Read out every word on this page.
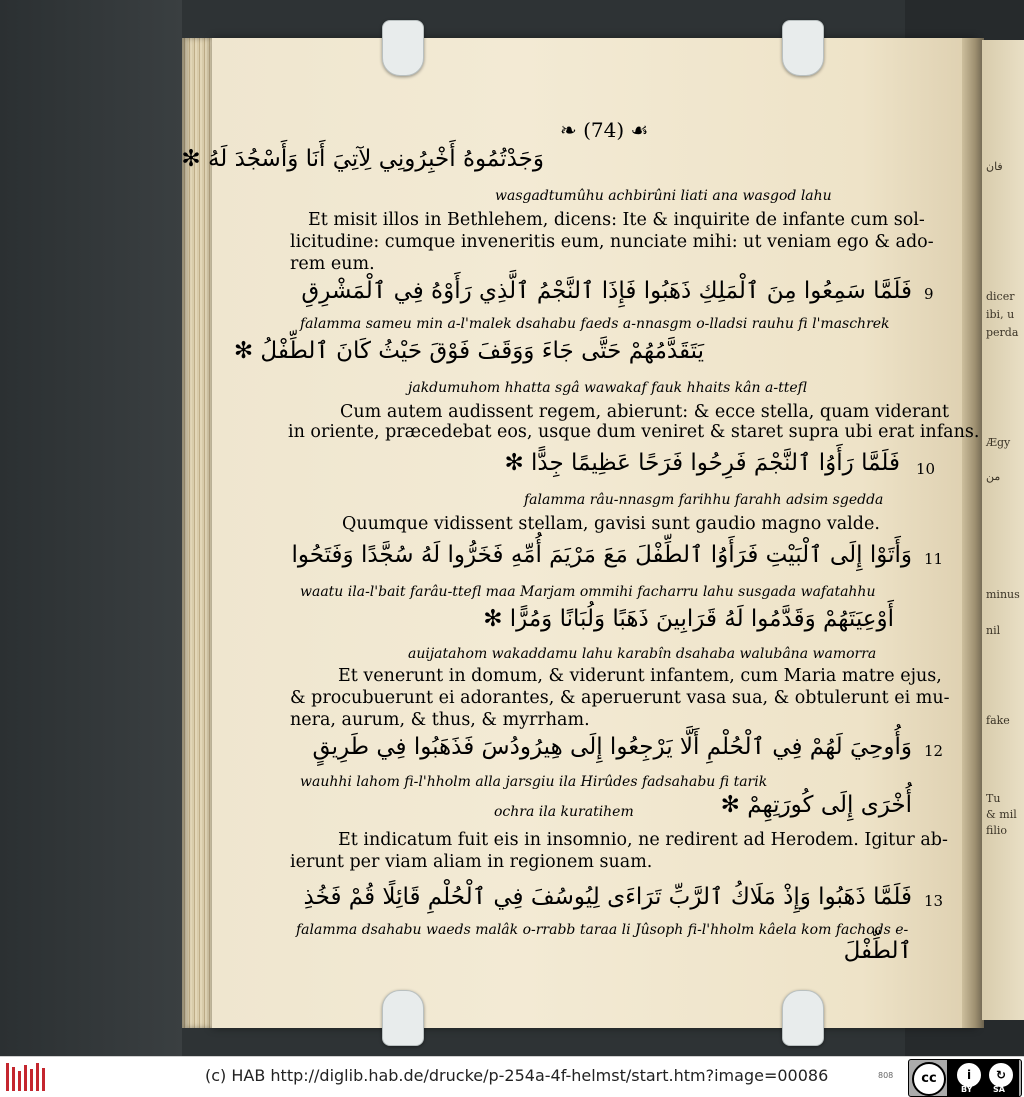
فان
dicer
ibi, u
perda
Ægy
من
minus
nil
fake
Tu
& mil
filio
❧ (74) ☙
وَجَدْتُمُوهُ أَخْبِرُونِي لِآتِيَ أَنَا وَأَسْجُدَ لَهُ ✻
wasgadtumûhu achbirûni liati ana wasgod lahu
Et misit illos in Bethlehem, dicens: Ite & inquirite de infante cum sol-
licitudine: cumque inveneritis eum, nunciate mihi: ut veniam ego & ado-
rem eum.
9
فَلَمَّا سَمِعُوا مِنَ ٱلْمَلِكِ ذَهَبُوا فَإِذَا ٱلنَّجْمُ ٱلَّذِي رَأَوْهُ فِي ٱلْمَشْرِقِ
falamma sameu min a-l'malek dsahabu faeds a-nnasgm o-lladsi rauhu fi l'maschrek
يَتَقَدَّمُهُمْ حَتَّى جَاءَ وَوَقَفَ فَوْقَ حَيْثُ كَانَ ٱلطِّفْلُ ✻
jakdumuhom hhatta sgâ wawakaf fauk hhaits kân a-ttefl
Cum autem audissent regem, abierunt: & ecce stella, quam viderant
in oriente, præcedebat eos, usque dum veniret & staret supra ubi erat infans.
10
فَلَمَّا رَأَوُا ٱلنَّجْمَ فَرِحُوا فَرَحًا عَظِيمًا جِدًّا ✻
falamma râu-nnasgm farihhu farahh adsim sgedda
Quumque vidissent stellam, gavisi sunt gaudio magno valde.
11
وَأَتَوْا إِلَى ٱلْبَيْتِ فَرَأَوُا ٱلطِّفْلَ مَعَ مَرْيَمَ أُمِّهِ فَخَرُّوا لَهُ سُجَّدًا وَفَتَحُوا
waatu ila-l'bait farâu-ttefl maa Marjam ommihi facharru lahu susgada wafatahhu
أَوْعِيَتَهُمْ وَقَدَّمُوا لَهُ قَرَابِينَ ذَهَبًا وَلُبَانًا وَمُرًّا ✻
auijatahom wakaddamu lahu karabîn dsahaba walubâna wamorra
Et venerunt in domum, & viderunt infantem, cum Maria matre ejus,
& procubuerunt ei adorantes, & aperuerunt vasa sua, & obtulerunt ei mu-
nera, aurum, & thus, & myrrham.
12
وَأُوحِيَ لَهُمْ فِي ٱلْحُلْمِ أَلَّا يَرْجِعُوا إِلَى هِيرُودُسَ فَذَهَبُوا فِي طَرِيقٍ
wauhhi lahom fi-l'hholm alla jarsgiu ila Hirûdes fadsahabu fi tarik
أُخْرَى إِلَى كُورَتِهِمْ ✻
ochra ila kuratihem
Et indicatum fuit eis in insomnio, ne redirent ad Herodem. Igitur ab-
ierunt per viam aliam in regionem suam.
13
فَلَمَّا ذَهَبُوا وَإِذْ مَلَاكُ ٱلرَّبِّ تَرَاءَى لِيُوسُفَ فِي ٱلْحُلْمِ قَائِلًا قُمْ فَخُذِ
falamma dsahabu waeds malâk o-rrabb taraa li Jûsoph fi-l'hholm kâela kom fachods e-
ٱلطِّفْلَ
(c) HAB http://diglib.hab.de/drucke/p-254a-4f-helmst/start.htm?image=00086	808	cc	i	↻
BY	SA
